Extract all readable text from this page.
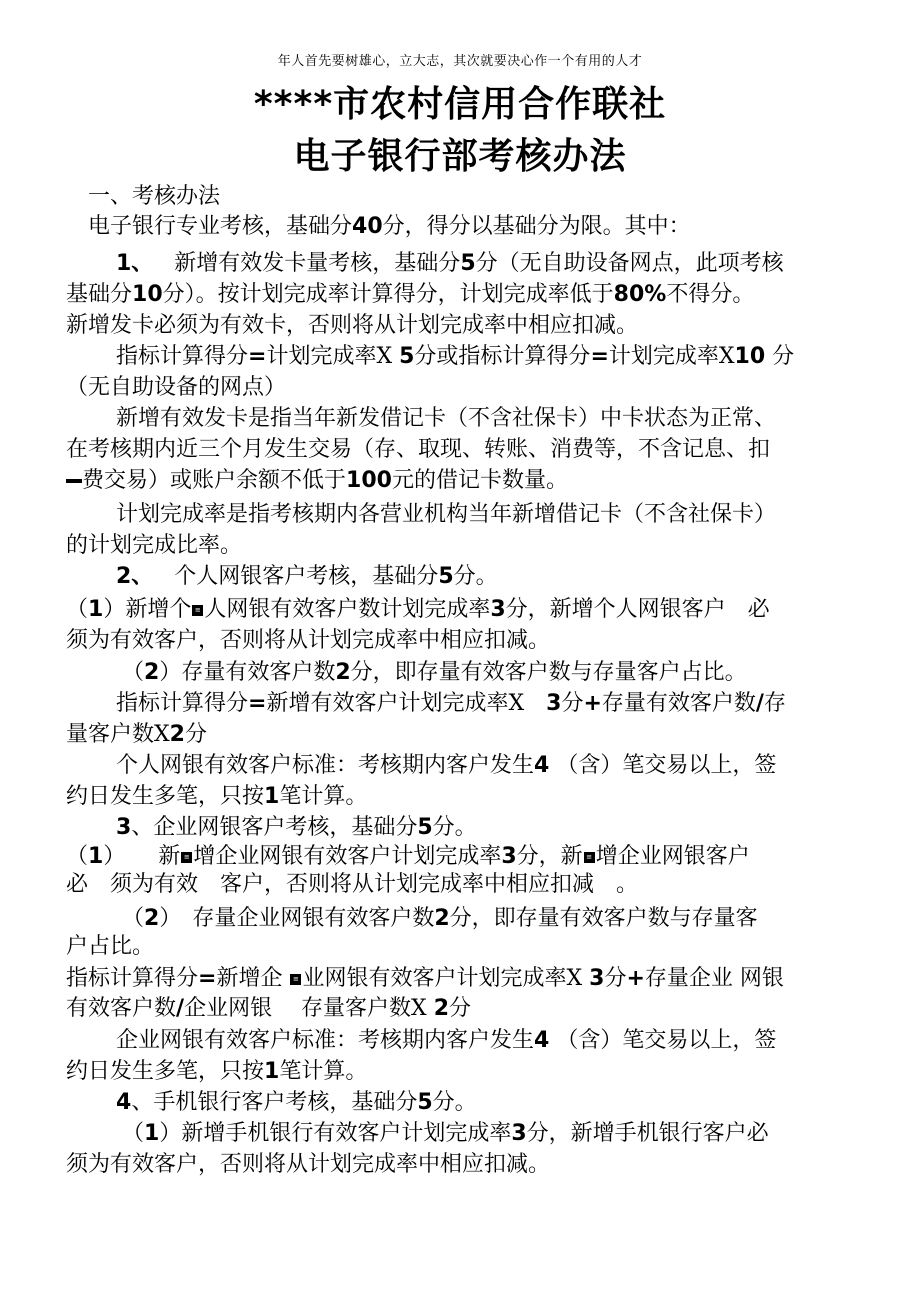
年人首先要树雄心，立大志，其次就要决心作一个有用的人才
****市农村信用合作联社
电子银行部考核办法
一、考核办法
电子银行专业考核，基础分40分，得分以基础分为限。其中：
1、 新增有效发卡量考核，基础分5分（无自助设备网点，此项考核
基础分10分）。按计划完成率计算得分，计划完成率低于80%不得分。
新增发卡必须为有效卡，否则将从计划完成率中相应扣减。
指标计算得分=计划完成率X 5分或指标计算得分=计划完成率X10 分
（无自助设备的网点）
新增有效发卡是指当年新发借记卡（不含社保卡）中卡状态为正常、
在考核期内近三个月发生交易（存、取现、转账、消费等，不含记息、扣
费交易）或账户余额不低于100元的借记卡数量。
计划完成率是指考核期内各营业机构当年新增借记卡（不含社保卡）
的计划完成比率。
2、 个人网银客户考核，基础分5分。
（1）新增个 ≡ 人网银有效客户数计划完成率3分，新增个人网银客户　必
须为有效客户，否则将从计划完成率中相应扣减。
（2）存量有效客户数2分，即存量有效客户数与存量客户占比。
指标计算得分=新增有效客户计划完成率X　3分+存量有效客户数/存
量客户数X2分
个人网银有效客户标准：考核期内客户发生4 （含）笔交易以上，签
约日发生多笔，只按1笔计算。
3、企业网银客户考核，基础分5分。
（1）　　新 ≡ 增企业网银有效客户计划完成率3分，新 ≡ 增企业网银客户
必　须为有效　客户，否则将从计划完成率中相应扣减　。
（2）　存量企业网银有效客户数2分，即存量有效客户数与存量客
户占比。
指标计算得分=新增企 ≡ 业网银有效客户计划完成率X 3分+存量企业 网银
有效客户数/企业网银　 存量客户数X 2分
企业网银有效客户标准：考核期内客户发生4 （含）笔交易以上，签
约日发生多笔，只按1笔计算。
4、手机银行客户考核，基础分5分。
（1）新增手机银行有效客户计划完成率3分，新增手机银行客户必
须为有效客户，否则将从计划完成率中相应扣减。
